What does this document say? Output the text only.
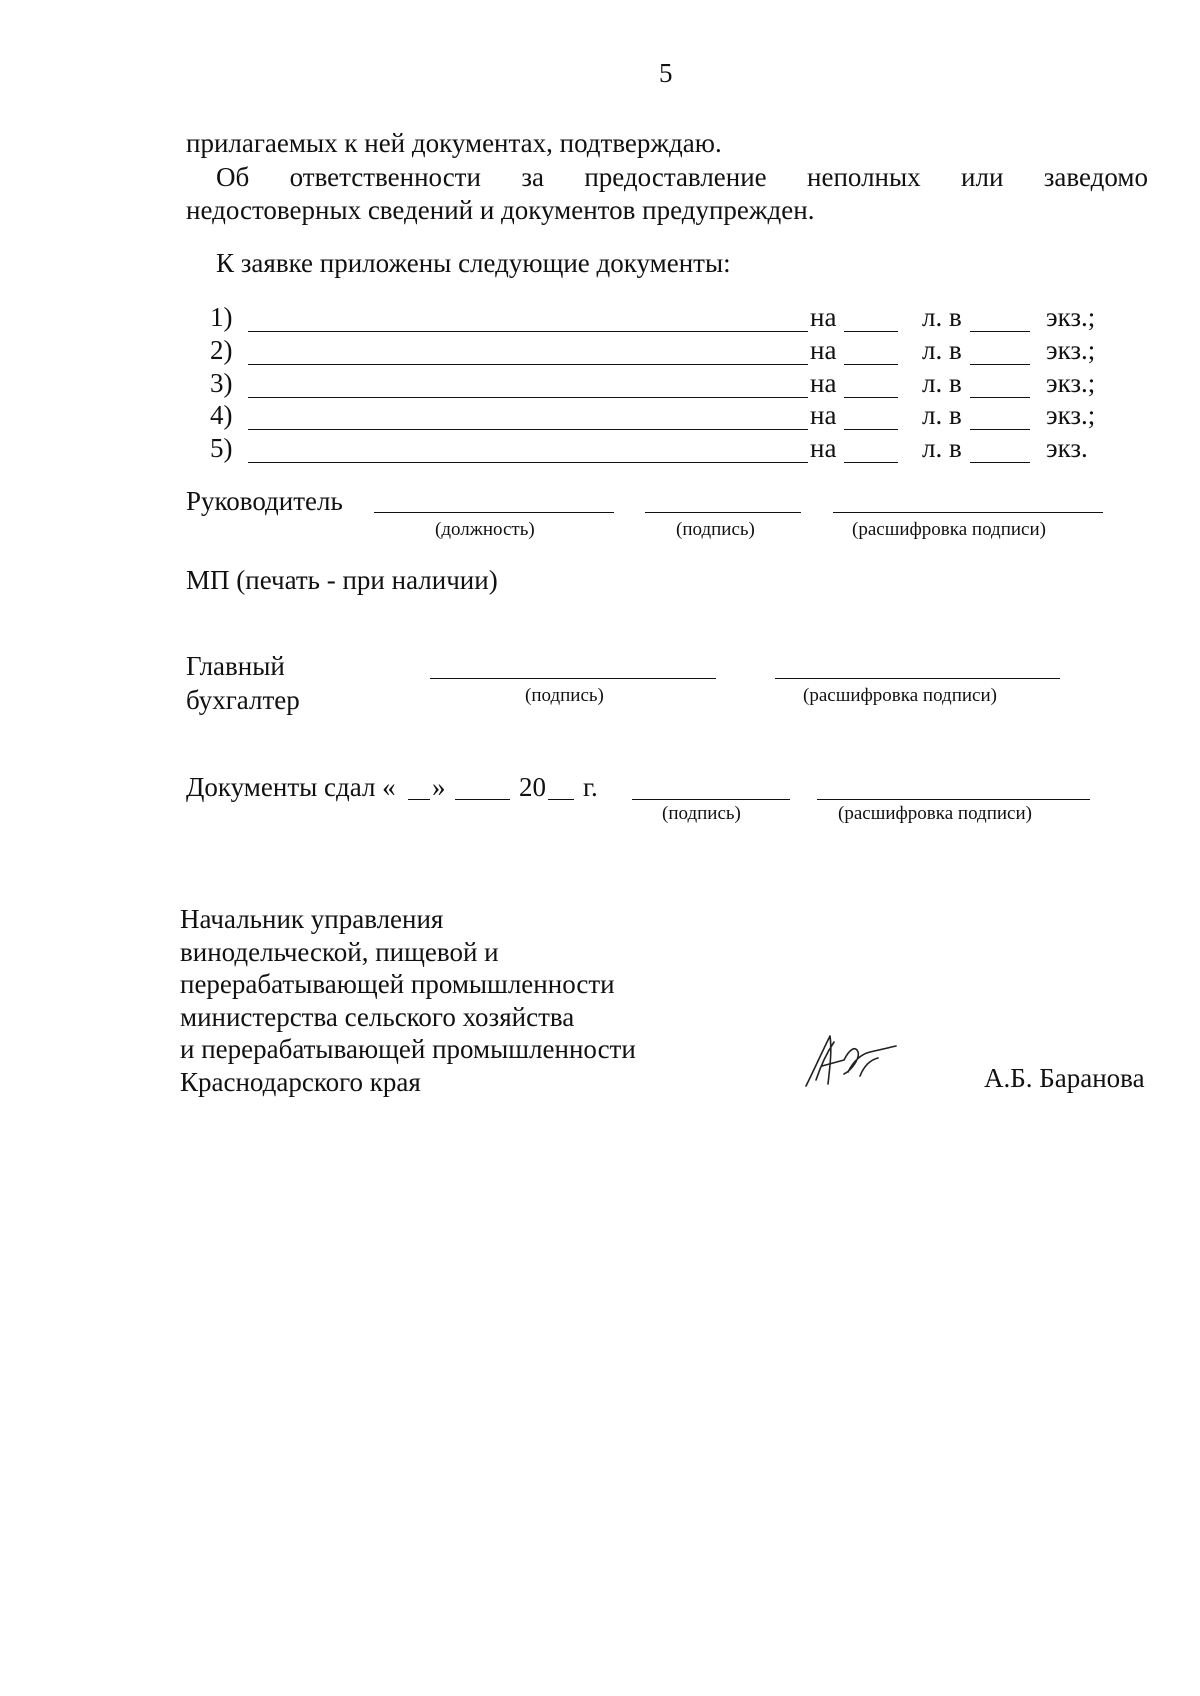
5
прилагаемых к ней документах, подтверждаю.
Об ответственности за предоставление неполных или заведомо
недостоверных сведений и документов предупрежден.
К заявке приложены следующие документы:
1)	на	л. в	экз.;
2)	на	л. в	экз.;
3)	на	л. в	экз.;
4)	на	л. в	экз.;
5)	на	л. в	экз.
Руководитель
(должность)	(подпись)	(расшифровка подписи)
МП (печать - при наличии)
Главный
бухгалтер	(подпись)	(расшифровка подписи)
Документы сдал « »	20 г.
(подпись)	(расшифровка подписи)
Начальник управления
винодельческой, пищевой и
перерабатывающей промышленности
министерства сельского хозяйства
и перерабатывающей промышленности
Краснодарского края	А.Б. Баранова
